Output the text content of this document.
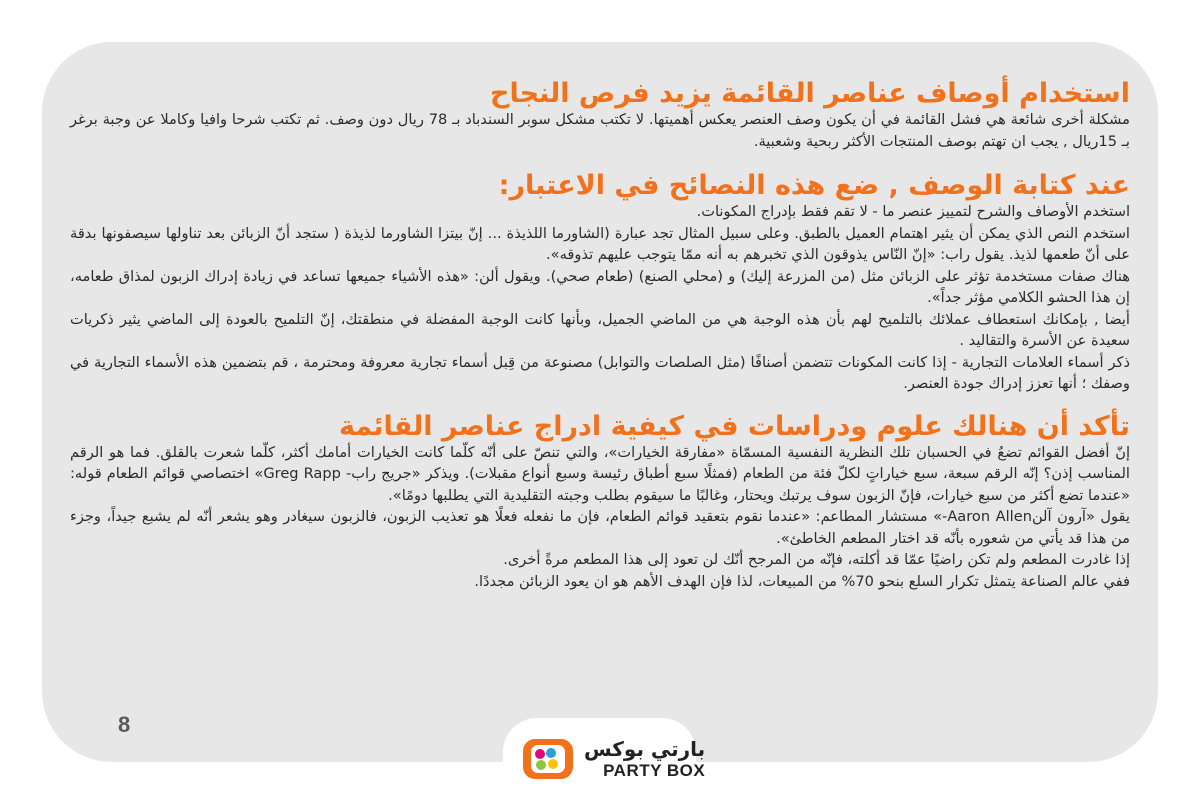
استخدام أوصاف عناصر القائمة يزيد فرص النجاح

مشكلة أخرى شائعة هي فشل القائمة في أن يكون وصف العنصر يعكس أهميتها. لا تكتب مشكل سوبر السندباد بـ 78 ريال دون وصف. ثم تكتب شرحا وافيا وكاملا عن وجبة برغر بـ 15ريال , يجب ان تهتم بوصف المنتجات الأكثر ربحية وشعبية.

عند كتابة الوصف , ضع هذه النصائح في الاعتبار:

استخدم الأوصاف والشرح لتمييز عنصر ما - لا تقم فقط بإدراج المكونات.

استخدم النص الذي يمكن أن يثير اهتمام العميل بالطبق. وعلى سبيل المثال تجد عبارة (الشاورما اللذيذة ... إنّ بيتزا الشاورما لذيذة ( ستجد أنّ الزبائن بعد تناولها سيصفونها بدقة على أنّ طعمها لذيذ. يقول راب: «إنّ النّاس يذوقون الذي تخبرهم به أنه ممّا يتوجب عليهم تذوقه».

هناك صفات مستخدمة تؤثر على الزبائن مثل (من المزرعة إليك) و (محلي الصنع) (طعام صحي). ويقول ألن: «هذه الأشياء جميعها تساعد في زيادة إدراك الزبون لمذاق طعامه، إن هذا الحشو الكلامي مؤثر جداً».

أيضا , بإمكانك استعطاف عملائك بالتلميح لهم بأن هذه الوجبة هي من الماضي الجميل، وبأنها كانت الوجبة المفضلة في منطقتك، إنّ التلميح بالعودة إلى الماضي يثير ذكريات سعيدة عن الأسرة والتقاليد .

ذكر أسماء العلامات التجارية - إذا كانت المكونات تتضمن أصنافًا (مثل الصلصات والتوابل) مصنوعة من قِبل أسماء تجارية معروفة ومحترمة ، قم بتضمين هذه الأسماء التجارية في وصفك ؛ أنها تعزز إدراك جودة العنصر.

تأكد أن هنالك علوم ودراسات في كيفية ادراج عناصر القائمة

إنّ أفضل القوائم تضعُ في الحسبان تلك النظرية النفسية المسمّاة «مفارقة الخيارات»، والتي تنصّ على أنّه كلّما كانت الخيارات أمامك أكثر، كلّما شعرت بالقلق. فما هو الرقم المناسب إذن؟ إنّه الرقم سبعة، سبع خياراتٍ لكلّ فئة من الطعام (فمثلًا سبع أطباق رئيسة وسبع أنواع مقبلات). ويذكر «جريج راب- Greg Rapp» اختصاصي قوائم الطعام قوله: «عندما تضع أكثر من سبع خيارات، فإنّ الزبون سوف يرتبك ويحتار، وغالبًا ما سيقوم بطلب وجبته التقليدية التي يطلبها دومًا».

يقول «آرون آلنAaron Allen-» مستشار المطاعم: «عندما نقوم بتعقيد قوائم الطعام، فإن ما نفعله فعلًا هو تعذيب الزبون، فالزبون سيغادر وهو يشعر أنّه لم يشبع جيداً، وجزء من هذا قد يأتي من شعوره بأنّه قد اختار المطعم الخاطئ».

إذا غادرت المطعم ولم تكن راضيًا عمّا قد أكلته، فإنّه من المرجح أنّك لن تعود إلى هذا المطعم مرةً أخرى.

ففي عالم الصناعة يتمثل تكرار السلع بنحو 70% من المبيعات، لذا فإن الهدف الأهم هو ان يعود الزبائن مجددًا.

8
بارتي بوكس
PARTY BOX
